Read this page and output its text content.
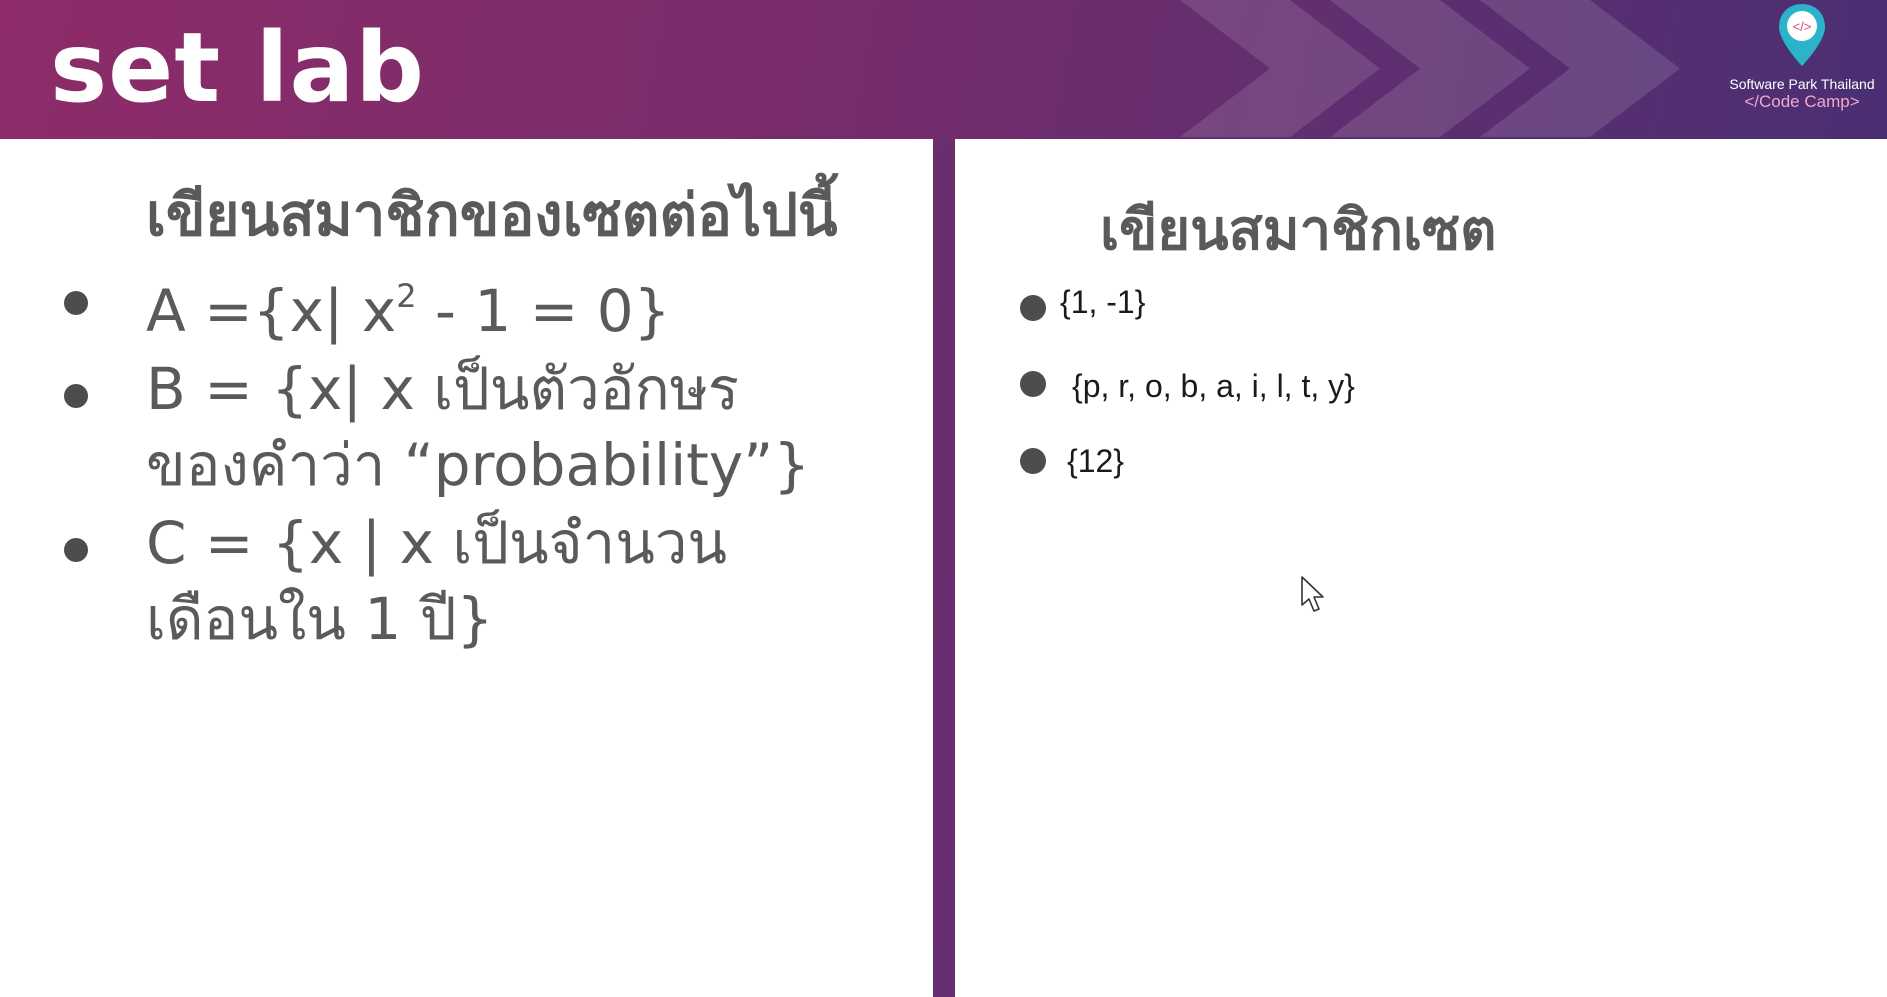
set lab	</>
Software Park Thailand
</Code Camp>
เขียนสมาชิกของเซตต่อไปนี้
A ={x| $x^2 - 1 = 0$}
B = {x| x เป็นตัวอักษร
ของคำว่า “probability”}
C = {x | x เป็นจำนวน
เดือนใน 1 ปี}
เขียนสมาชิกเซต
{1, -1}
{p, r, o, b, a, i, l, t, y}
{12}
